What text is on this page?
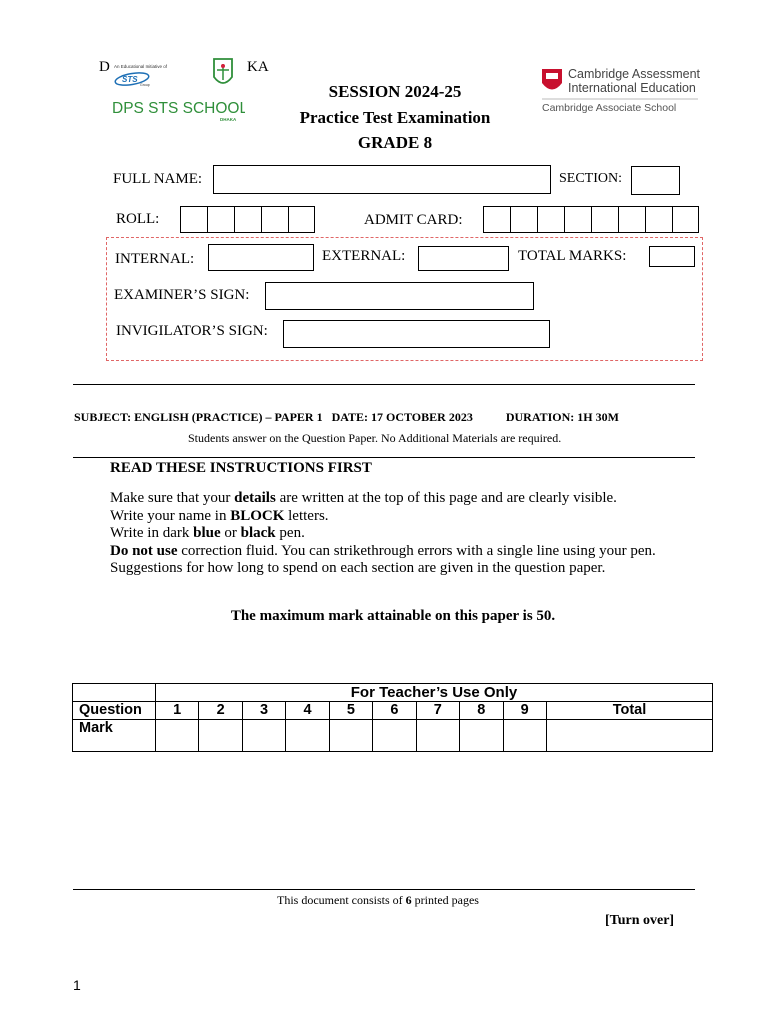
D	KA
An Educational Initiative of
STS
Group
DPS STS SCHOOL
DHAKA
Cambridge Assessment
International Education
Cambridge Associate School
SESSION 2024-25
Practice Test Examination
GRADE 8
FULL NAME:	SECTION:
ROLL:	ADMIT CARD:
INTERNAL:	EXTERNAL:	TOTAL MARKS:
EXAMINER’S SIGN:
INVIGILATOR’S SIGN:
SUBJECT: ENGLISH (PRACTICE) – PAPER 1 DATE: 17 OCTOBER 2023	DURATION: 1H 30M
Students answer on the Question Paper. No Additional Materials are required.
READ THESE INSTRUCTIONS FIRST

Make sure that your details are written at the top of this page and are clearly visible.

Write your name in BLOCK letters.

Write in dark blue or black pen.

Do not use correction fluid. You can strikethrough errors with a single line using your pen.

Suggestions for how long to spend on each section are given in the question paper.

The maximum mark attainable on this paper is 50.
	For Teacher’s Use Only									
Question	1	2	3	4	5	6	7	8	9	Total
Mark										
This document consists of 6 printed pages
[Turn over]
1
